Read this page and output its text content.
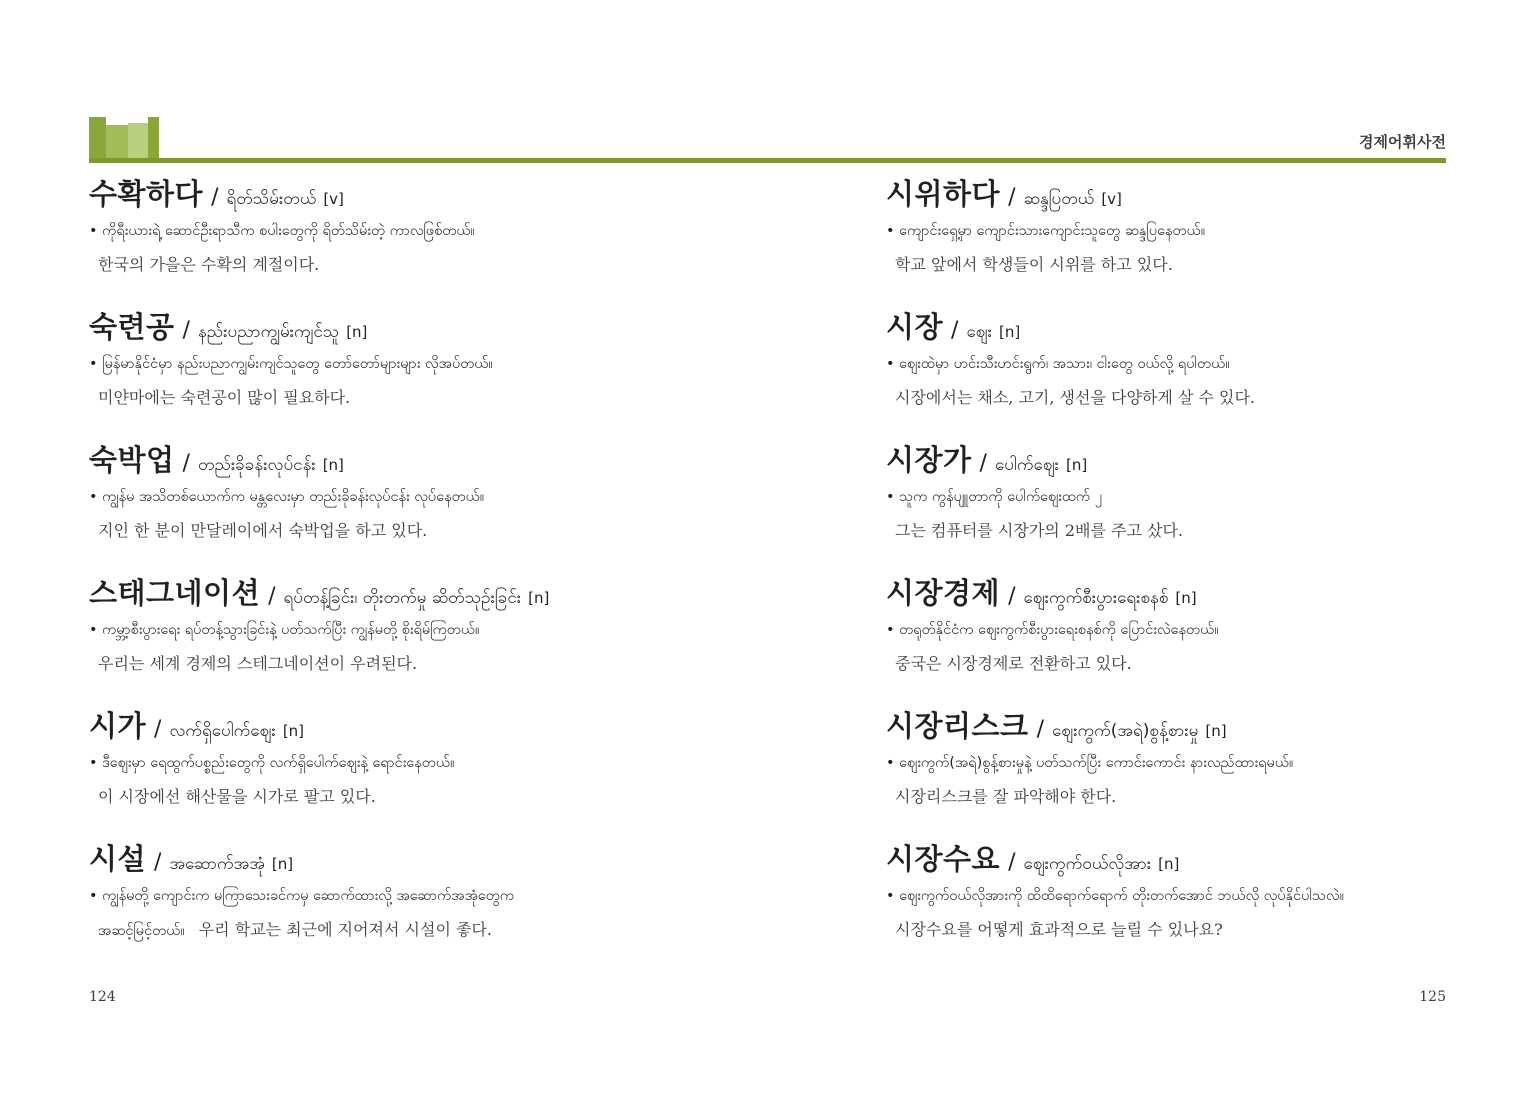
경제어휘사전
수확하다 / ရိတ်သိမ်းတယ် [v]
• ကိုရီးယားရဲ့ ဆောင်ဦးရာသီက စပါးတွေကို ရိတ်သိမ်းတဲ့ ကာလဖြစ်တယ်။
한국의 가을은 수확의 계절이다.
숙련공 / နည်းပညာကျွမ်းကျင်သူ [n]
• မြန်မာနိုင်ငံမှာ နည်းပညာကျွမ်းကျင်သူတွေ တော်တော်များများ လိုအပ်တယ်။
미얀마에는 숙련공이 많이 필요하다.
숙박업 / တည်းခိုခန်းလုပ်ငန်း [n]
• ကျွန်မ အသိတစ်ယောက်က မန္တလေးမှာ တည်းခိုခန်းလုပ်ငန်း လုပ်နေတယ်။
지인 한 분이 만달레이에서 숙박업을 하고 있다.
스태그네이션 / ရပ်တန့်ခြင်း၊ တိုးတက်မှု ဆိတ်သုဥ်းခြင်း [n]
• ကမ္ဘာ့စီးပွားရေး ရပ်တန့်သွားခြင်းနဲ့ ပတ်သက်ပြီး ကျွန်မတို့ စိုးရိမ်ကြတယ်။
우리는 세계 경제의 스테그네이션이 우려된다.
시가 / လက်ရှိပေါက်ဈေး [n]
• ဒီဈေးမှာ ရေထွက်ပစ္စည်းတွေကို လက်ရှိပေါက်ဈေးနဲ့ ရောင်းနေတယ်။
이 시장에선 해산물을 시가로 팔고 있다.
시설 / အဆောက်အအုံ [n]
• ကျွန်မတို့ ကျောင်းက မကြာသေးခင်ကမှ ဆောက်ထားလို့ အဆောက်အအုံတွေက
အဆင့်မြင့်တယ်။ 우리 학교는 최근에 지어져서 시설이 좋다.
시위하다 / ဆန္ဒပြတယ် [v]
• ကျောင်းရှေ့မှာ ကျောင်းသားကျောင်းသူတွေ ဆန္ဒပြနေတယ်။
학교 앞에서 학생들이 시위를 하고 있다.
시장 / ဈေး [n]
• ဈေးထဲမှာ ဟင်းသီးဟင်းရွက်၊ အသား၊ ငါးတွေ ဝယ်လို့ ရပါတယ်။
시장에서는 채소, 고기, 생선을 다양하게 살 수 있다.
시장가 / ပေါက်ဈေး [n]
• သူက ကွန်ပျူတာကို ပေါက်ဈေးထက် ၂
그는 컴퓨터를 시장가의 2배를 주고 샀다.
시장경제 / ဈေးကွက်စီးပွားရေးစနစ် [n]
• တရုတ်နိုင်ငံက ဈေးကွက်စီးပွားရေးစနစ်ကို ပြောင်းလဲနေတယ်။
중국은 시장경제로 전환하고 있다.
시장리스크 / ဈေးကွက်(အရဲ)စွန့်စားမှု [n]
• ဈေးကွက်(အရဲ)စွန့်စားမှုနဲ့ ပတ်သက်ပြီး ကောင်းကောင်း နားလည်ထားရမယ်။
시장리스크를 잘 파악해야 한다.
시장수요 / ဈေးကွက်ဝယ်လိုအား [n]
• ဈေးကွက်ဝယ်လိုအားကို ထိထိရောက်ရောက် တိုးတက်အောင် ဘယ်လို လုပ်နိုင်ပါသလဲ။
시장수요를 어떻게 효과적으로 늘릴 수 있나요?
124	125
